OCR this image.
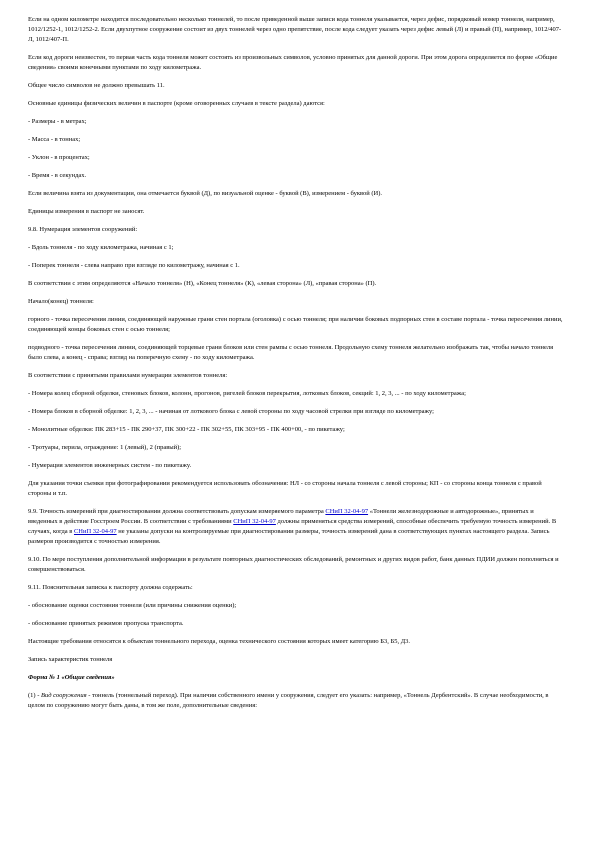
Если на одном километре находится последовательно несколько тоннелей, то после приведенной выше записи кода тоннеля указывается, через дефис, порядковый номер тоннеля, например, 1012/1252-1, 1012/1252-2. Если двухпутное сооружение состоит из двух тоннелей через одно препятствие, после кода следует указать через дефис левый (Л) и правый (П), например, 1012/407-Л, 1012/407-П.

Если код дороги неизвестен, то первая часть кода тоннеля может состоять из произвольных символов, условно принятых для данной дороги. При этом дорога определяется по форме «Общие сведения» своими конечными пунктами по ходу километража.

Общее число символов не должно превышать 11.

Основные единицы физических величин в паспорте (кроме оговоренных случаев в тексте раздела) даются:

- Размеры - в метрах;

- Масса - в тоннах;

- Уклон - в процентах;

- Время - в секундах.

Если величина взята из документации, она отмечается буквой (Д), по визуальной оценке - буквой (В), измерением - буквой (И).

Единицы измерения в паспорт не заносят.

9.8. Нумерация элементов сооружений:

- Вдоль тоннеля - по ходу километража, начиная с 1;

- Поперек тоннеля - слева направо при взгляде по километражу, начиная с 1.

В соответствии с этим определяются «Начало тоннеля» (Н), «Конец тоннеля» (К), «левая сторона» (Л), «правая сторона» (П).

Начало(конец) тоннеля:

горного - точка пересечения линии, соединяющей наружные грани стен портала (оголовка) с осью тоннеля; при наличии боковых подпорных стен в составе портала - точка пересечения линии, соединяющей концы боковых стен с осью тоннеля;

подводного - точка пересечения линии, соединяющей торцевые грани блоков или стен рампы с осью тоннеля. Продольную схему тоннеля желательно изображать так, чтобы начало тоннеля было слева, а конец - справа; взгляд на поперечную схему - по ходу километража.

В соответствии с принятыми правилами нумерации элементов тоннеля:

- Номера колец сборной обделки, стеновых блоков, колонн, прогонов, ригелей блоков перекрытия, лотковых блоков, секций: 1, 2, 3, ... - по ходу километража;

- Номера блоков в сборной обделке: 1, 2, 3, ... - начиная от лоткового блока с левой стороны по ходу часовой стрелки при взгляде по километражу;

- Монолитные обделки: ПК 283+15 - ПК 290+37, ПК 300+22 - ПК 302+55, ПК 303+95 - ПК 400+00, - по пикетажу;

- Тротуары, перила, ограждение: 1 (левый), 2 (правый);

- Нумерация элементов инженерных систем - по пикетажу.

Для указания точки съемки при фотографировании рекомендуется использовать обозначения: НЛ - со стороны начала тоннеля с левой стороны; КП - со стороны конца тоннеля с правой стороны и т.п.

9.9. Точность измерений при диагностировании должна соответствовать допускам измеряемого параметра СНиП 32-04-97 «Тоннели железнодорожные и автодорожные», принятых и введенных в действие Госстроем России. В соответствии с требованиями СНиП 32-04-97 должны применяться средства измерений, способные обеспечить требуемую точность измерений. В случаях, когда в СНиП 32-04-97 не указаны допуски на контролируемые при диагностировании размеры, точность измерений дана в соответствующих пунктах настоящего раздела. Запись размеров производится с точностью измерения.

9.10. По мере поступления дополнительной информации в результате повторных диагностических обследований, ремонтных и других видов работ, банк данных ПДИИ должен пополняться и совершенствоваться.

9.11. Пояснительная записка к паспорту должна содержать:

- обоснование оценки состояния тоннеля (или причины снижения оценки);

- обоснование принятых режимов пропуска транспорта.

Настоящие требования относятся к объектам тоннельного перехода, оценка технического состояния которых имеет категорию Б3, Б5, Д3.

Запись характеристик тоннеля

Форма № 1 «Общие сведения»

(1) - Вид сооружения - тоннель (тоннельный переход). При наличии собственного имени у сооружения, следует его указать: например, «Тоннель Дербентский». В случае необходимости, в целом по сооружению могут быть даны, в том же поле, дополнительные сведения:
